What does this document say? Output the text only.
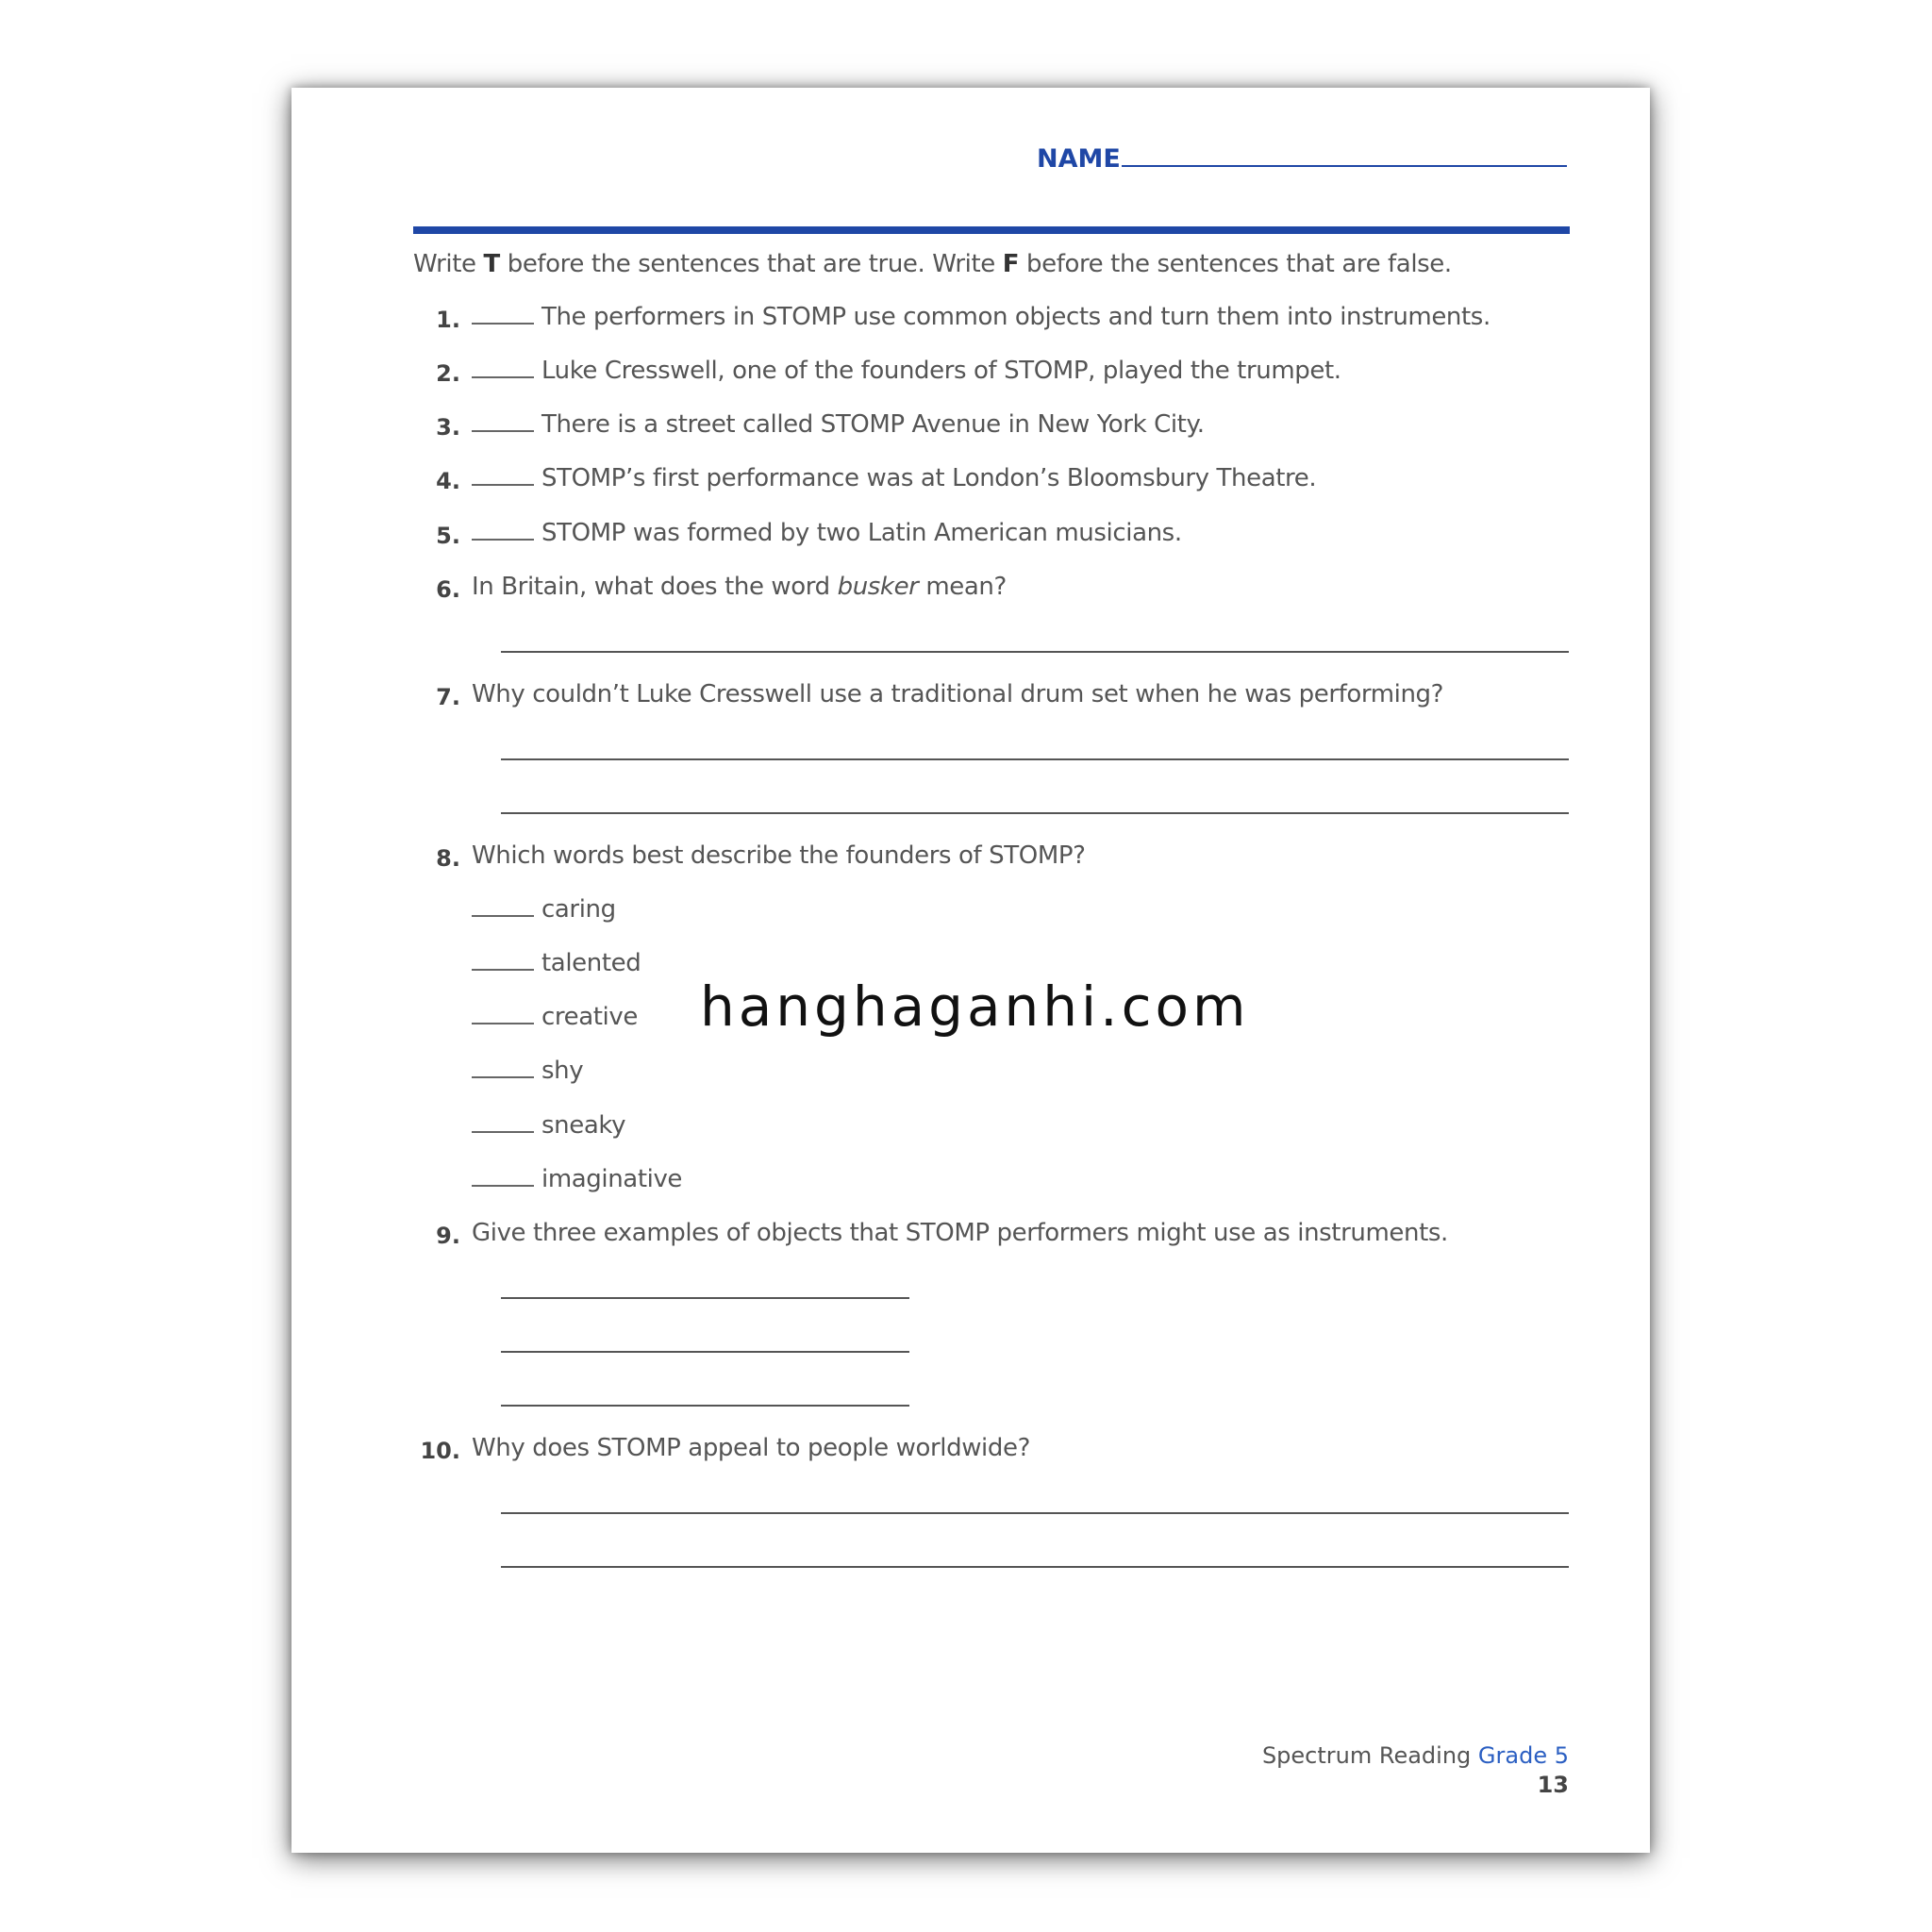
NAME
Write T before the sentences that are true. Write F before the sentences that are false.
1.	The performers in STOMP use common objects and turn them into instruments.
2.	Luke Cresswell, one of the founders of STOMP, played the trumpet.
3.	There is a street called STOMP Avenue in New York City.
4.	STOMP’s first performance was at London’s Bloomsbury Theatre.
5.	STOMP was formed by two Latin American musicians.
6. In Britain, what does the word busker mean?
7. Why couldn’t Luke Cresswell use a traditional drum set when he was performing?
8. Which words best describe the founders of STOMP?
caring
talented
creative
shy
sneaky
imaginative
9. Give three examples of objects that STOMP performers might use as instruments.
10. Why does STOMP appeal to people worldwide?
Spectrum Reading Grade 5
13
hanghaganhi.com
